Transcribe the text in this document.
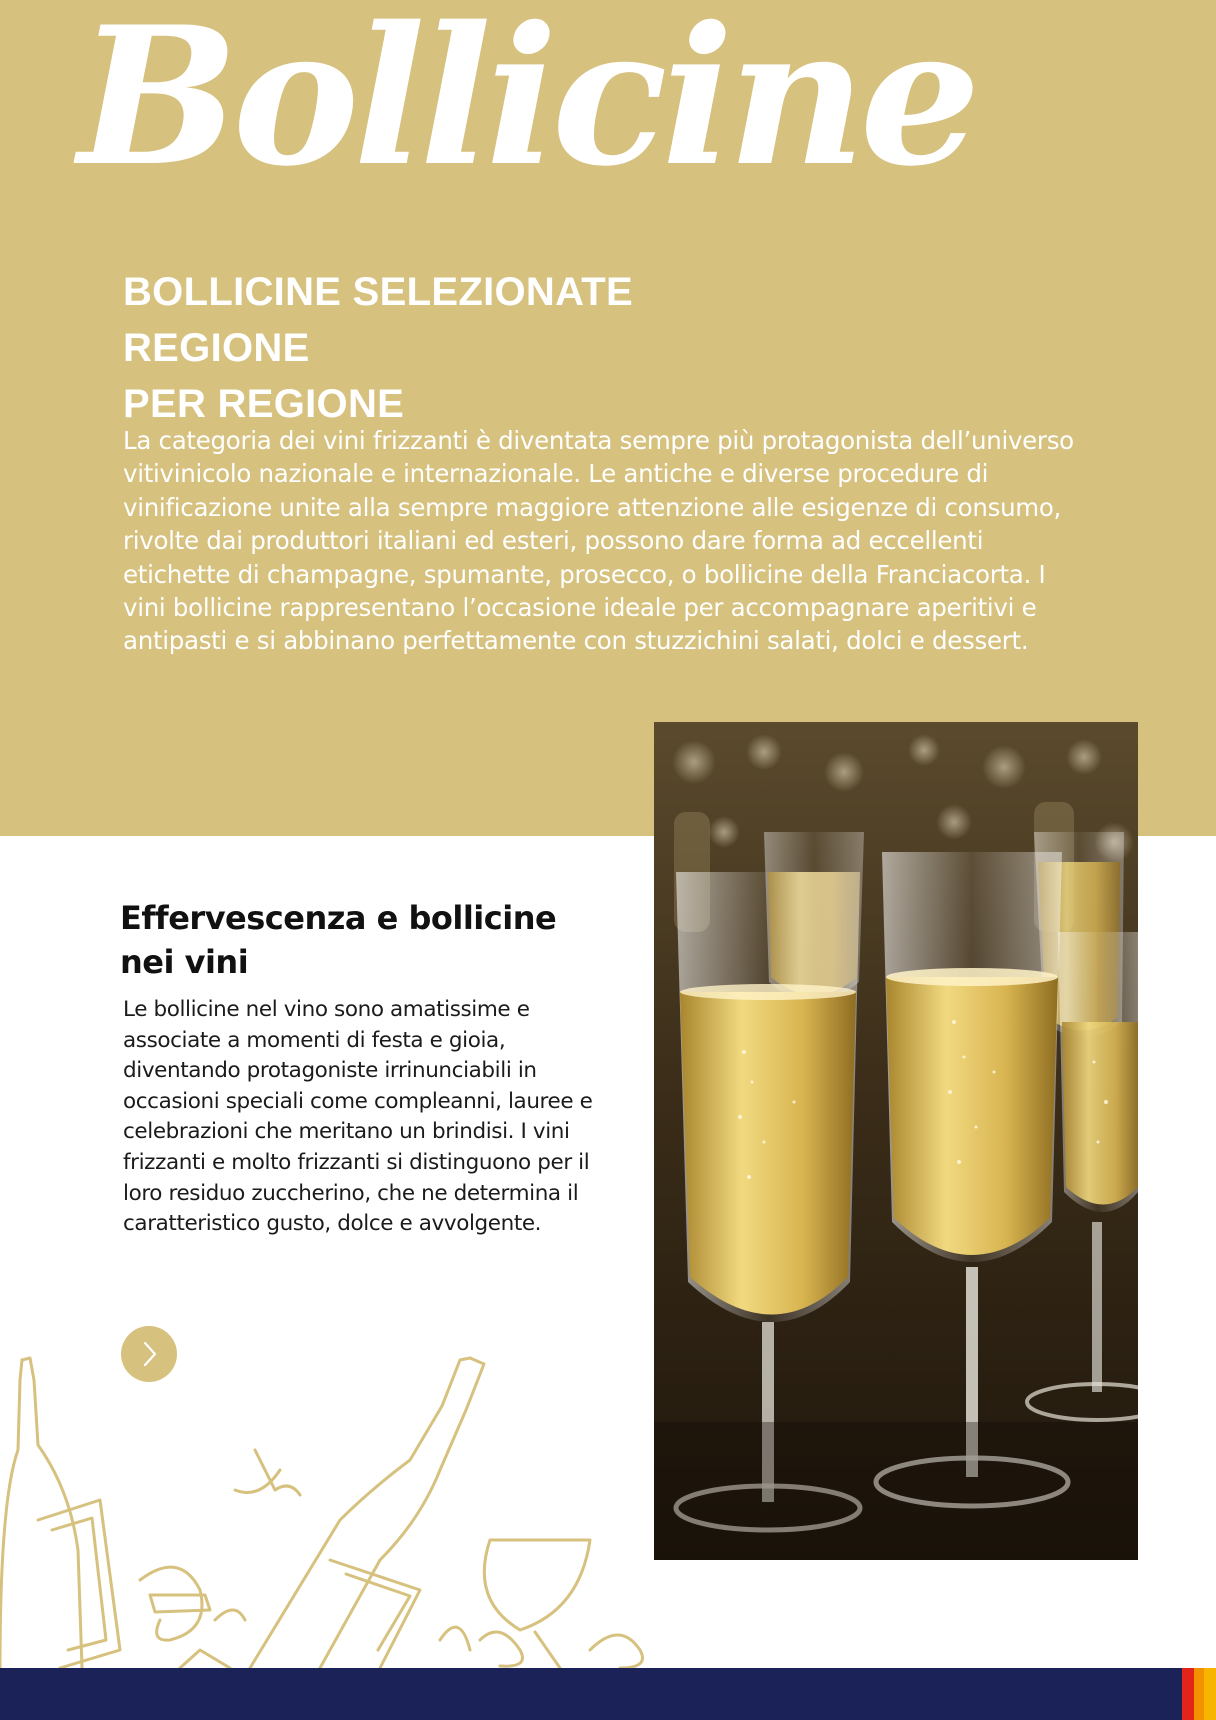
Bollicine
BOLLICINE SELEZIONATE REGIONE
PER REGIONE
La categoria dei vini frizzanti è diventata sempre più protagonista dell’universo vitivinicolo nazionale e internazionale. Le antiche e diverse procedure di vinificazione unite alla sempre maggiore attenzione alle esigenze di consumo, rivolte dai produttori italiani ed esteri, possono dare forma ad eccellenti etichette di champagne, spumante, prosecco, o bollicine della Franciacorta. I vini bollicine rappresentano l’occasione ideale per accompagnare aperitivi e antipasti e si abbinano perfettamente con stuzzichini salati, dolci e dessert.
Effervescenza e bollicine nei vini
Le bollicine nel vino sono amatissime e associate a momenti di festa e gioia, diventando protagoniste irrinunciabili in occasioni speciali come compleanni, lauree e celebrazioni che meritano un brindisi. I vini frizzanti e molto frizzanti si distinguono per il loro residuo zuccherino, che ne determina il caratteristico gusto, dolce e avvolgente.
